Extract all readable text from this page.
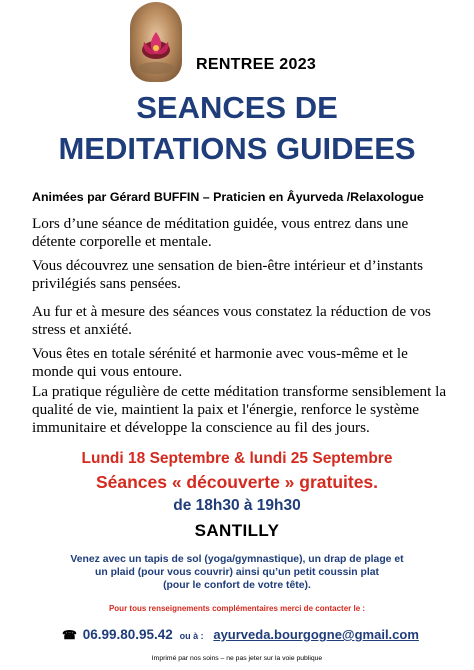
RENTREE 2023
SEANCES DE
MEDITATIONS GUIDEES
Animées par Gérard BUFFIN – Praticien en Âyurveda /Relaxologue
Lors d’une séance de méditation guidée, vous entrez dans une détente corporelle et mentale.
Vous découvrez une sensation de bien-être intérieur et d’instants privilégiés sans pensées.
Au fur et à mesure des séances vous constatez la réduction de vos stress et anxiété.
Vous êtes en totale sérénité et harmonie avec vous-même et le monde qui vous entoure.
La pratique régulière de cette méditation transforme sensiblement la qualité de vie, maintient la paix et l'énergie, renforce le système immunitaire et développe la conscience au fil des jours.
Lundi 18 Septembre & lundi 25 Septembre
Séances « découverte » gratuites.
de 18h30 à 19h30
SANTILLY
Venez avec un tapis de sol (yoga/gymnastique), un drap de plage et
un plaid (pour vous couvrir) ainsi qu’un petit coussin plat
(pour le confort de votre tête).
Pour tous renseignements complémentaires merci de contacter le :
☎ 06.99.80.95.42 ou à : ayurveda.bourgogne@gmail.com
Imprimé par nos soins – ne pas jeter sur la voie publique
